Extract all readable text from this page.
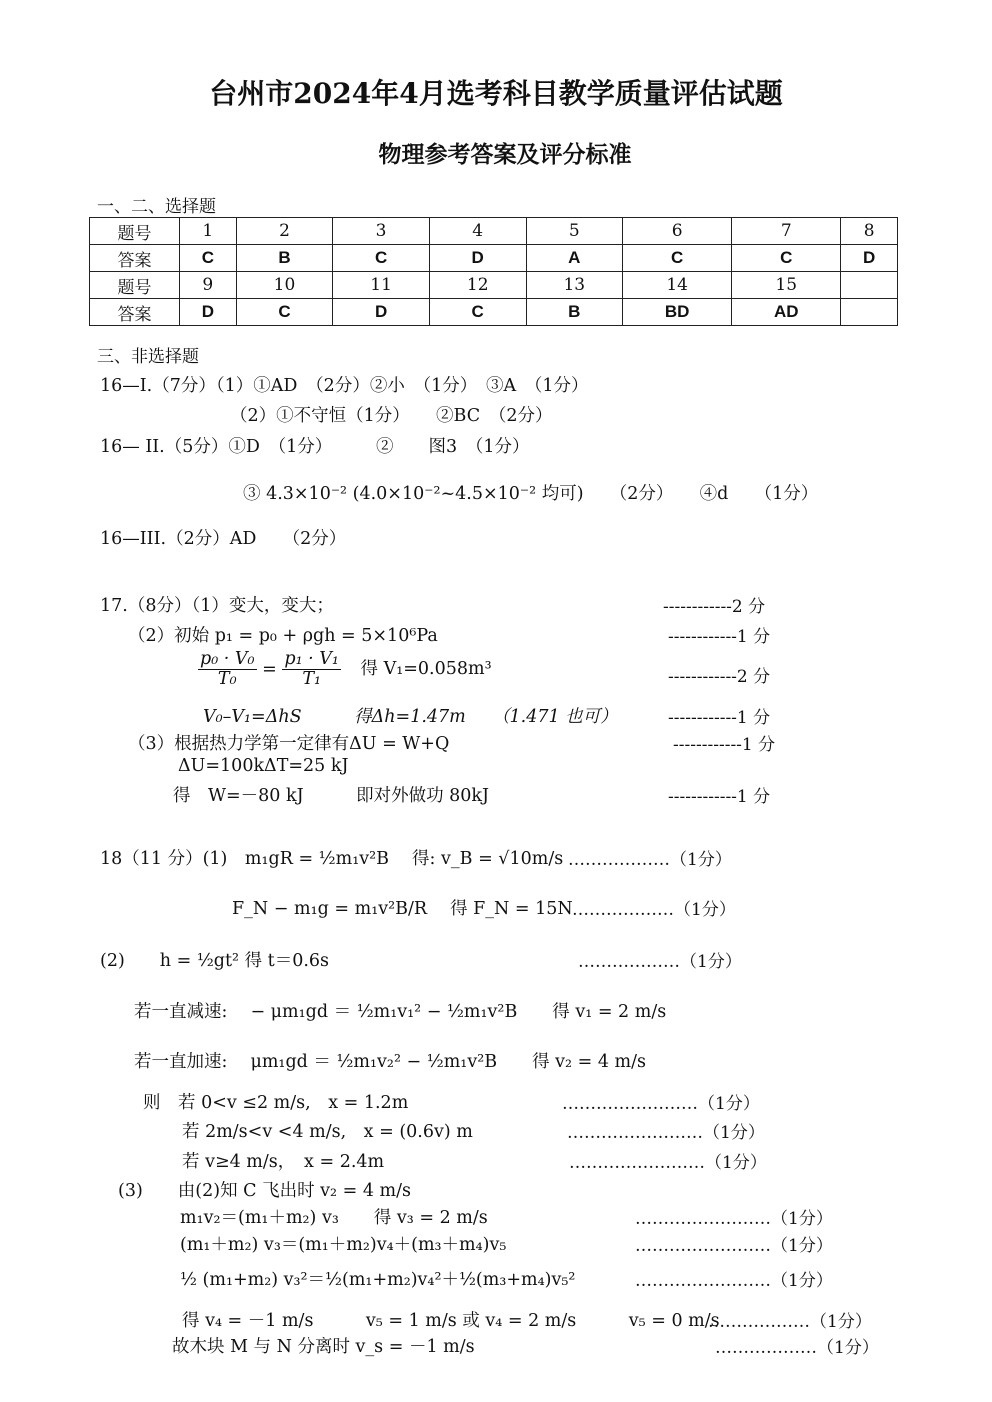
台州市2024年4月选考科目教学质量评估试题
物理参考答案及评分标准
一、二、选择题
题号	1	2	3	4	5	6	7	8
答案	C	B	C	D	A	C	C	D
题号	9	10	11	12	13	14	15	
答案	D	C	D	C	B	BD	AD	
三、非选择题
16—I.（7分）（1）①AD　（2分）②小　（1分）　③A　（1分）
（2）①不守恒（1分）　　②BC　（2分）
16— II.（5分）①D　（1分）　　　②　　图3　（1分）
③ 4.3×10⁻² (4.0×10⁻²~4.5×10⁻² 均可)　　（2分）　　④d　　（1分）
16—III.（2分）AD　　（2分）
17.（8分）（1）变大，变大；	------------2 分
（2）初始 p₁ = p₀ + ρgh = 5×10⁶Pa	------------1 分
$\frac{\text{p₀ · V₀}}{\text{T₀}} = \frac{\text{p₁ · V₁}}{\text{T₁}}$ 得 V₁=0.058m³	------------2 分
V₀–V₁=ΔhS　　　得Δh=1.47m　　（1.471 也可）	------------1 分
（3）根据热力学第一定律有ΔU = W+Q	------------1 分
ΔU=100kΔT=25 kJ
得　W=－80 kJ　　　即对外做功 80kJ	------------1 分
18（11 分）(1)　m₁gR = ½m₁v²B　 得: v_B = √10m/s ………………（1分）
F_N − m₁g = m₁v²B/R　 得 F_N = 15N ………………（1分）
(2)　　h = ½gt² 得 t＝0.6s	………………（1分）
若一直减速:　 − μm₁gd ＝ ½m₁v₁² − ½m₁v²B　　得 v₁ = 2 m/s
若一直加速:　 μm₁gd ＝ ½m₁v₂² − ½m₁v²B　　得 v₂ = 4 m/s
则　若 0<v ≤2 m/s,　x = 1.2m	……………………（1分）
若 2m/s<v <4 m/s,　x = (0.6v) m	……………………（1分）
若 v≥4 m/s，　x = 2.4m	……………………（1分）
(3)　　由(2)知 C 飞出时 v₂ = 4 m/s
m₁v₂＝(m₁＋m₂) v₃　　得 v₃ = 2 m/s	……………………（1分）
(m₁＋m₂) v₃＝(m₁＋m₂)v₄＋(m₃＋m₄)v₅	……………………（1分）
½ (m₁+m₂) v₃²＝½(m₁+m₂)v₄²＋½(m₃+m₄)v₅²	……………………（1分）
得 v₄ = －1 m/s　　　v₅ = 1 m/s 或 v₄ = 2 m/s　　　v₅ = 0 m/s
………………（1分）
故木块 M 与 N 分离时 v_s = －1 m/s	………………（1分）
